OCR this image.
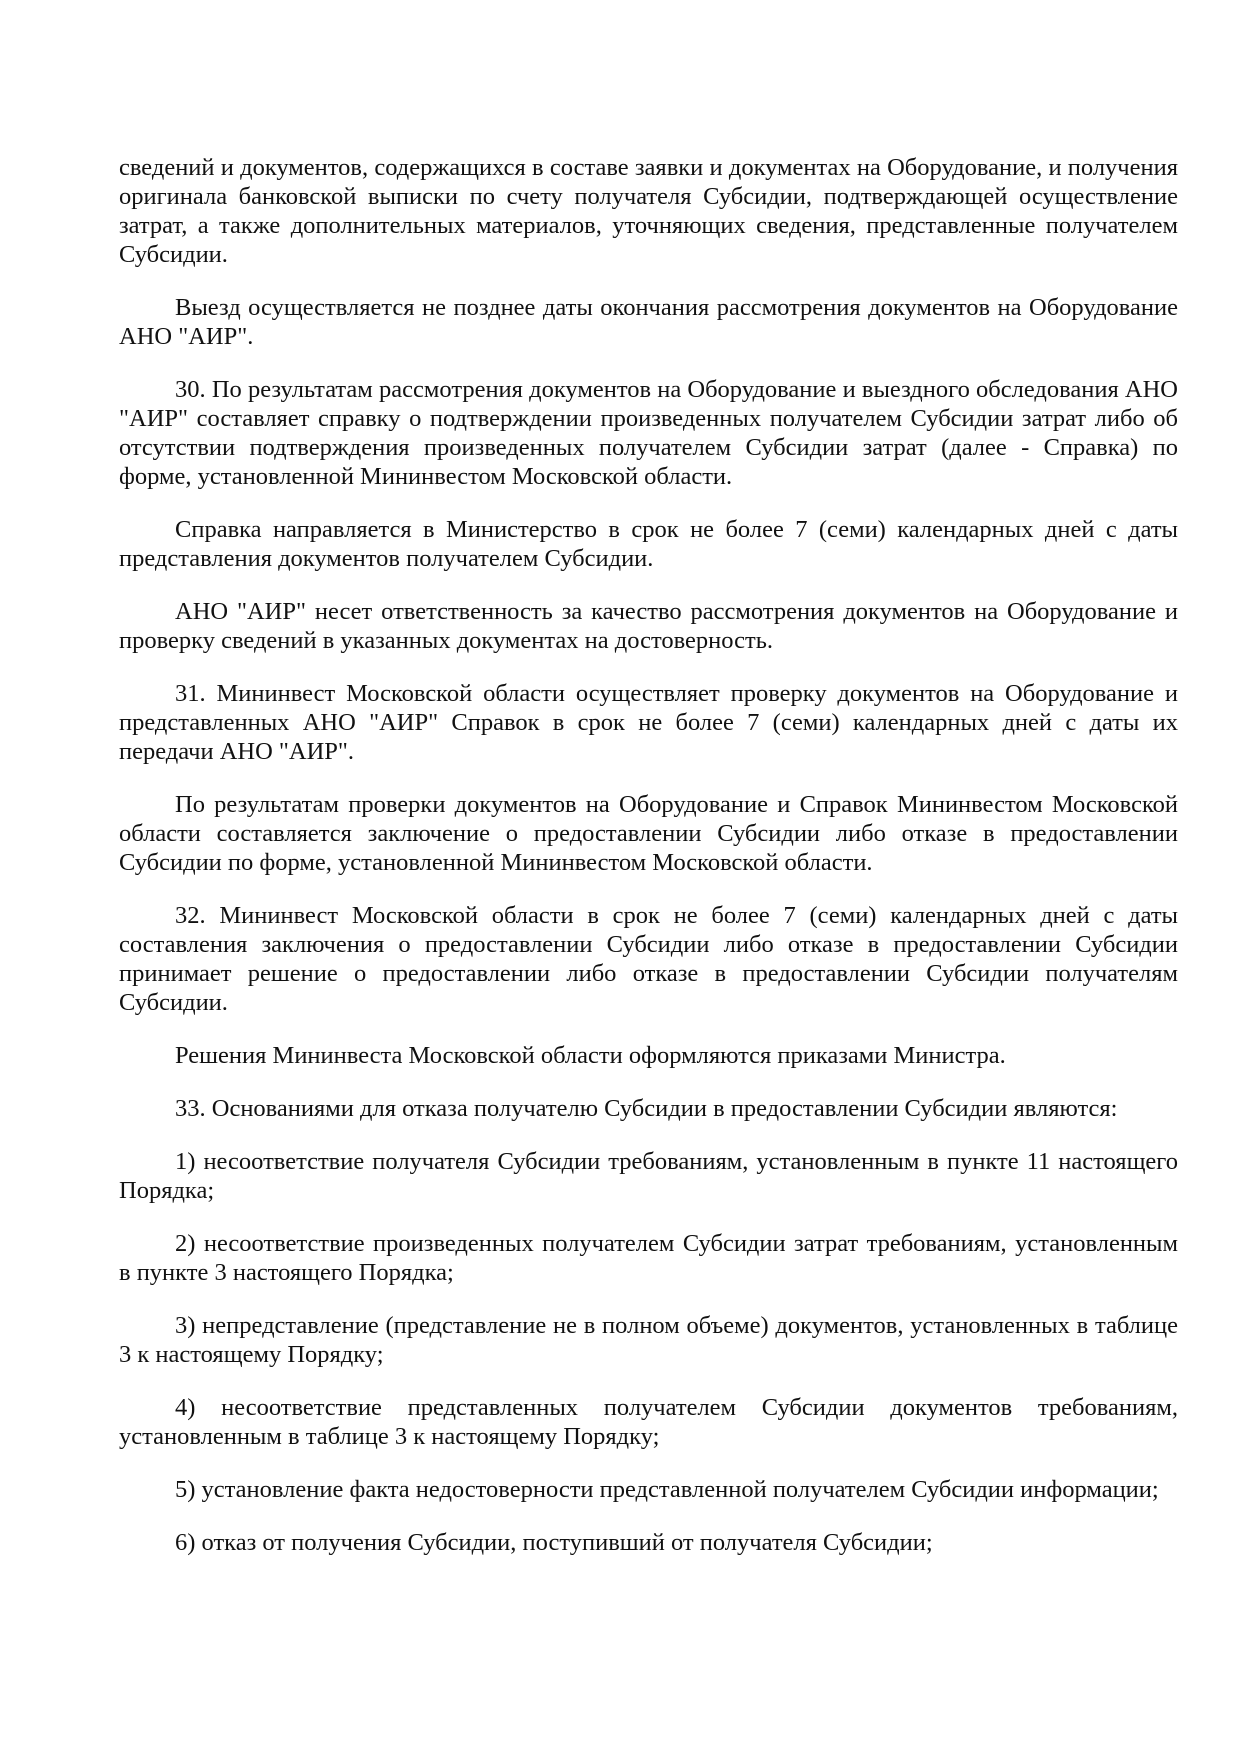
сведений и документов, содержащихся в составе заявки и документах на Оборудование, и получения оригинала банковской выписки по счету получателя Субсидии, подтверждающей осуществление затрат, а также дополнительных материалов, уточняющих сведения, представленные получателем Субсидии.

Выезд осуществляется не позднее даты окончания рассмотрения документов на Оборудование АНО "АИР".

30. По результатам рассмотрения документов на Оборудование и выездного обследования АНО "АИР" составляет справку о подтверждении произведенных получателем Субсидии затрат либо об отсутствии подтверждения произведенных получателем Субсидии затрат (далее - Справка) по форме, установленной Мининвестом Московской области.

Справка направляется в Министерство в срок не более 7 (семи) календарных дней с даты представления документов получателем Субсидии.

АНО "АИР" несет ответственность за качество рассмотрения документов на Оборудование и проверку сведений в указанных документах на достоверность.

31. Мининвест Московской области осуществляет проверку документов на Оборудование и представленных АНО "АИР" Справок в срок не более 7 (семи) календарных дней с даты их передачи АНО "АИР".

По результатам проверки документов на Оборудование и Справок Мининвестом Московской области составляется заключение о предоставлении Субсидии либо отказе в предоставлении Субсидии по форме, установленной Мининвестом Московской области.

32. Мининвест Московской области в срок не более 7 (семи) календарных дней с даты составления заключения о предоставлении Субсидии либо отказе в предоставлении Субсидии принимает решение о предоставлении либо отказе в предоставлении Субсидии получателям Субсидии.

Решения Мининвеста Московской области оформляются приказами Министра.

33. Основаниями для отказа получателю Субсидии в предоставлении Субсидии являются:

1) несоответствие получателя Субсидии требованиям, установленным в пункте 11 настоящего Порядка;

2) несоответствие произведенных получателем Субсидии затрат требованиям, установленным в пункте 3 настоящего Порядка;

3) непредставление (представление не в полном объеме) документов, установленных в таблице 3 к настоящему Порядку;

4) несоответствие представленных получателем Субсидии документов требованиям, установленным в таблице 3 к настоящему Порядку;

5) установление факта недостоверности представленной получателем Субсидии информации;

6) отказ от получения Субсидии, поступивший от получателя Субсидии;
